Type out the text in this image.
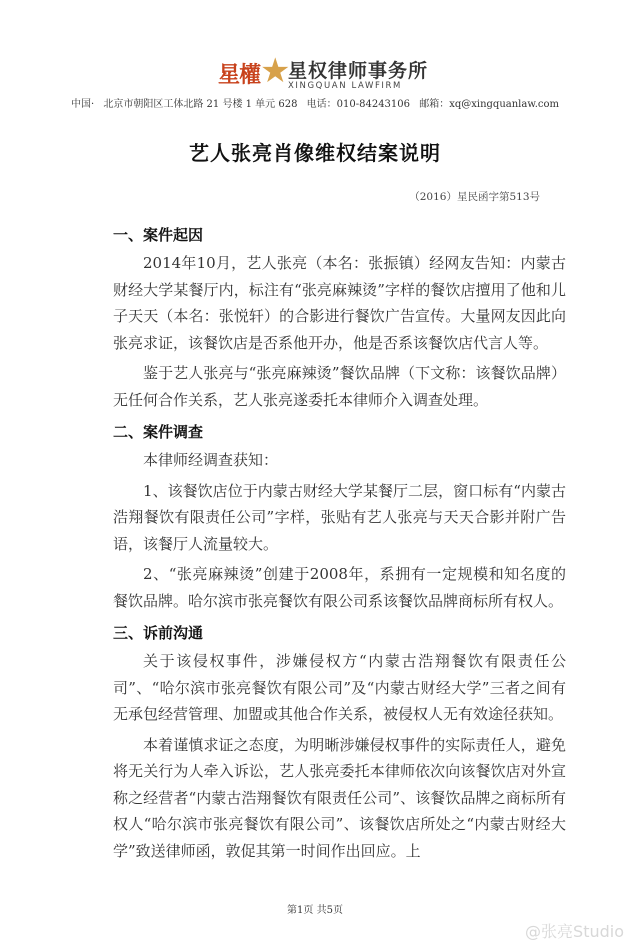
星權 ★
星权律师事务所
XINGQUAN LAWFIRM
中国· 北京市朝阳区工体北路 21 号楼 1 单元 628 电话：010-84243106 邮箱：xq@xingquanlaw.com
艺人张亮肖像维权结案说明
（2016）星民函字第513号
一、案件起因
2014年10月，艺人张亮（本名：张振镇）经网友告知：内蒙古财经大学某餐厅内，标注有“张亮麻辣烫”字样的餐饮店擅用了他和儿子天天（本名：张悦轩）的合影进行餐饮广告宣传。大量网友因此向张亮求证，该餐饮店是否系他开办，他是否系该餐饮店代言人等。
鉴于艺人张亮与“张亮麻辣烫”餐饮品牌（下文称：该餐饮品牌）无任何合作关系，艺人张亮遂委托本律师介入调查处理。
二、案件调查
本律师经调查获知：
1、该餐饮店位于内蒙古财经大学某餐厅二层，窗口标有“内蒙古浩翔餐饮有限责任公司”字样，张贴有艺人张亮与天天合影并附广告语，该餐厅人流量较大。
2、“张亮麻辣烫”创建于2008年，系拥有一定规模和知名度的餐饮品牌。哈尔滨市张亮餐饮有限公司系该餐饮品牌商标所有权人。
三、诉前沟通
关于该侵权事件，涉嫌侵权方“内蒙古浩翔餐饮有限责任公司”、“哈尔滨市张亮餐饮有限公司”及“内蒙古财经大学”三者之间有无承包经营管理、加盟或其他合作关系，被侵权人无有效途径获知。
本着谨慎求证之态度，为明晰涉嫌侵权事件的实际责任人，避免将无关行为人牵入诉讼，艺人张亮委托本律师依次向该餐饮店对外宣称之经营者“内蒙古浩翔餐饮有限责任公司”、该餐饮品牌之商标所有权人“哈尔滨市张亮餐饮有限公司”、该餐饮店所处之“内蒙古财经大学”致送律师函，敦促其第一时间作出回应。上
第1页 共5页
@张亮Studio
